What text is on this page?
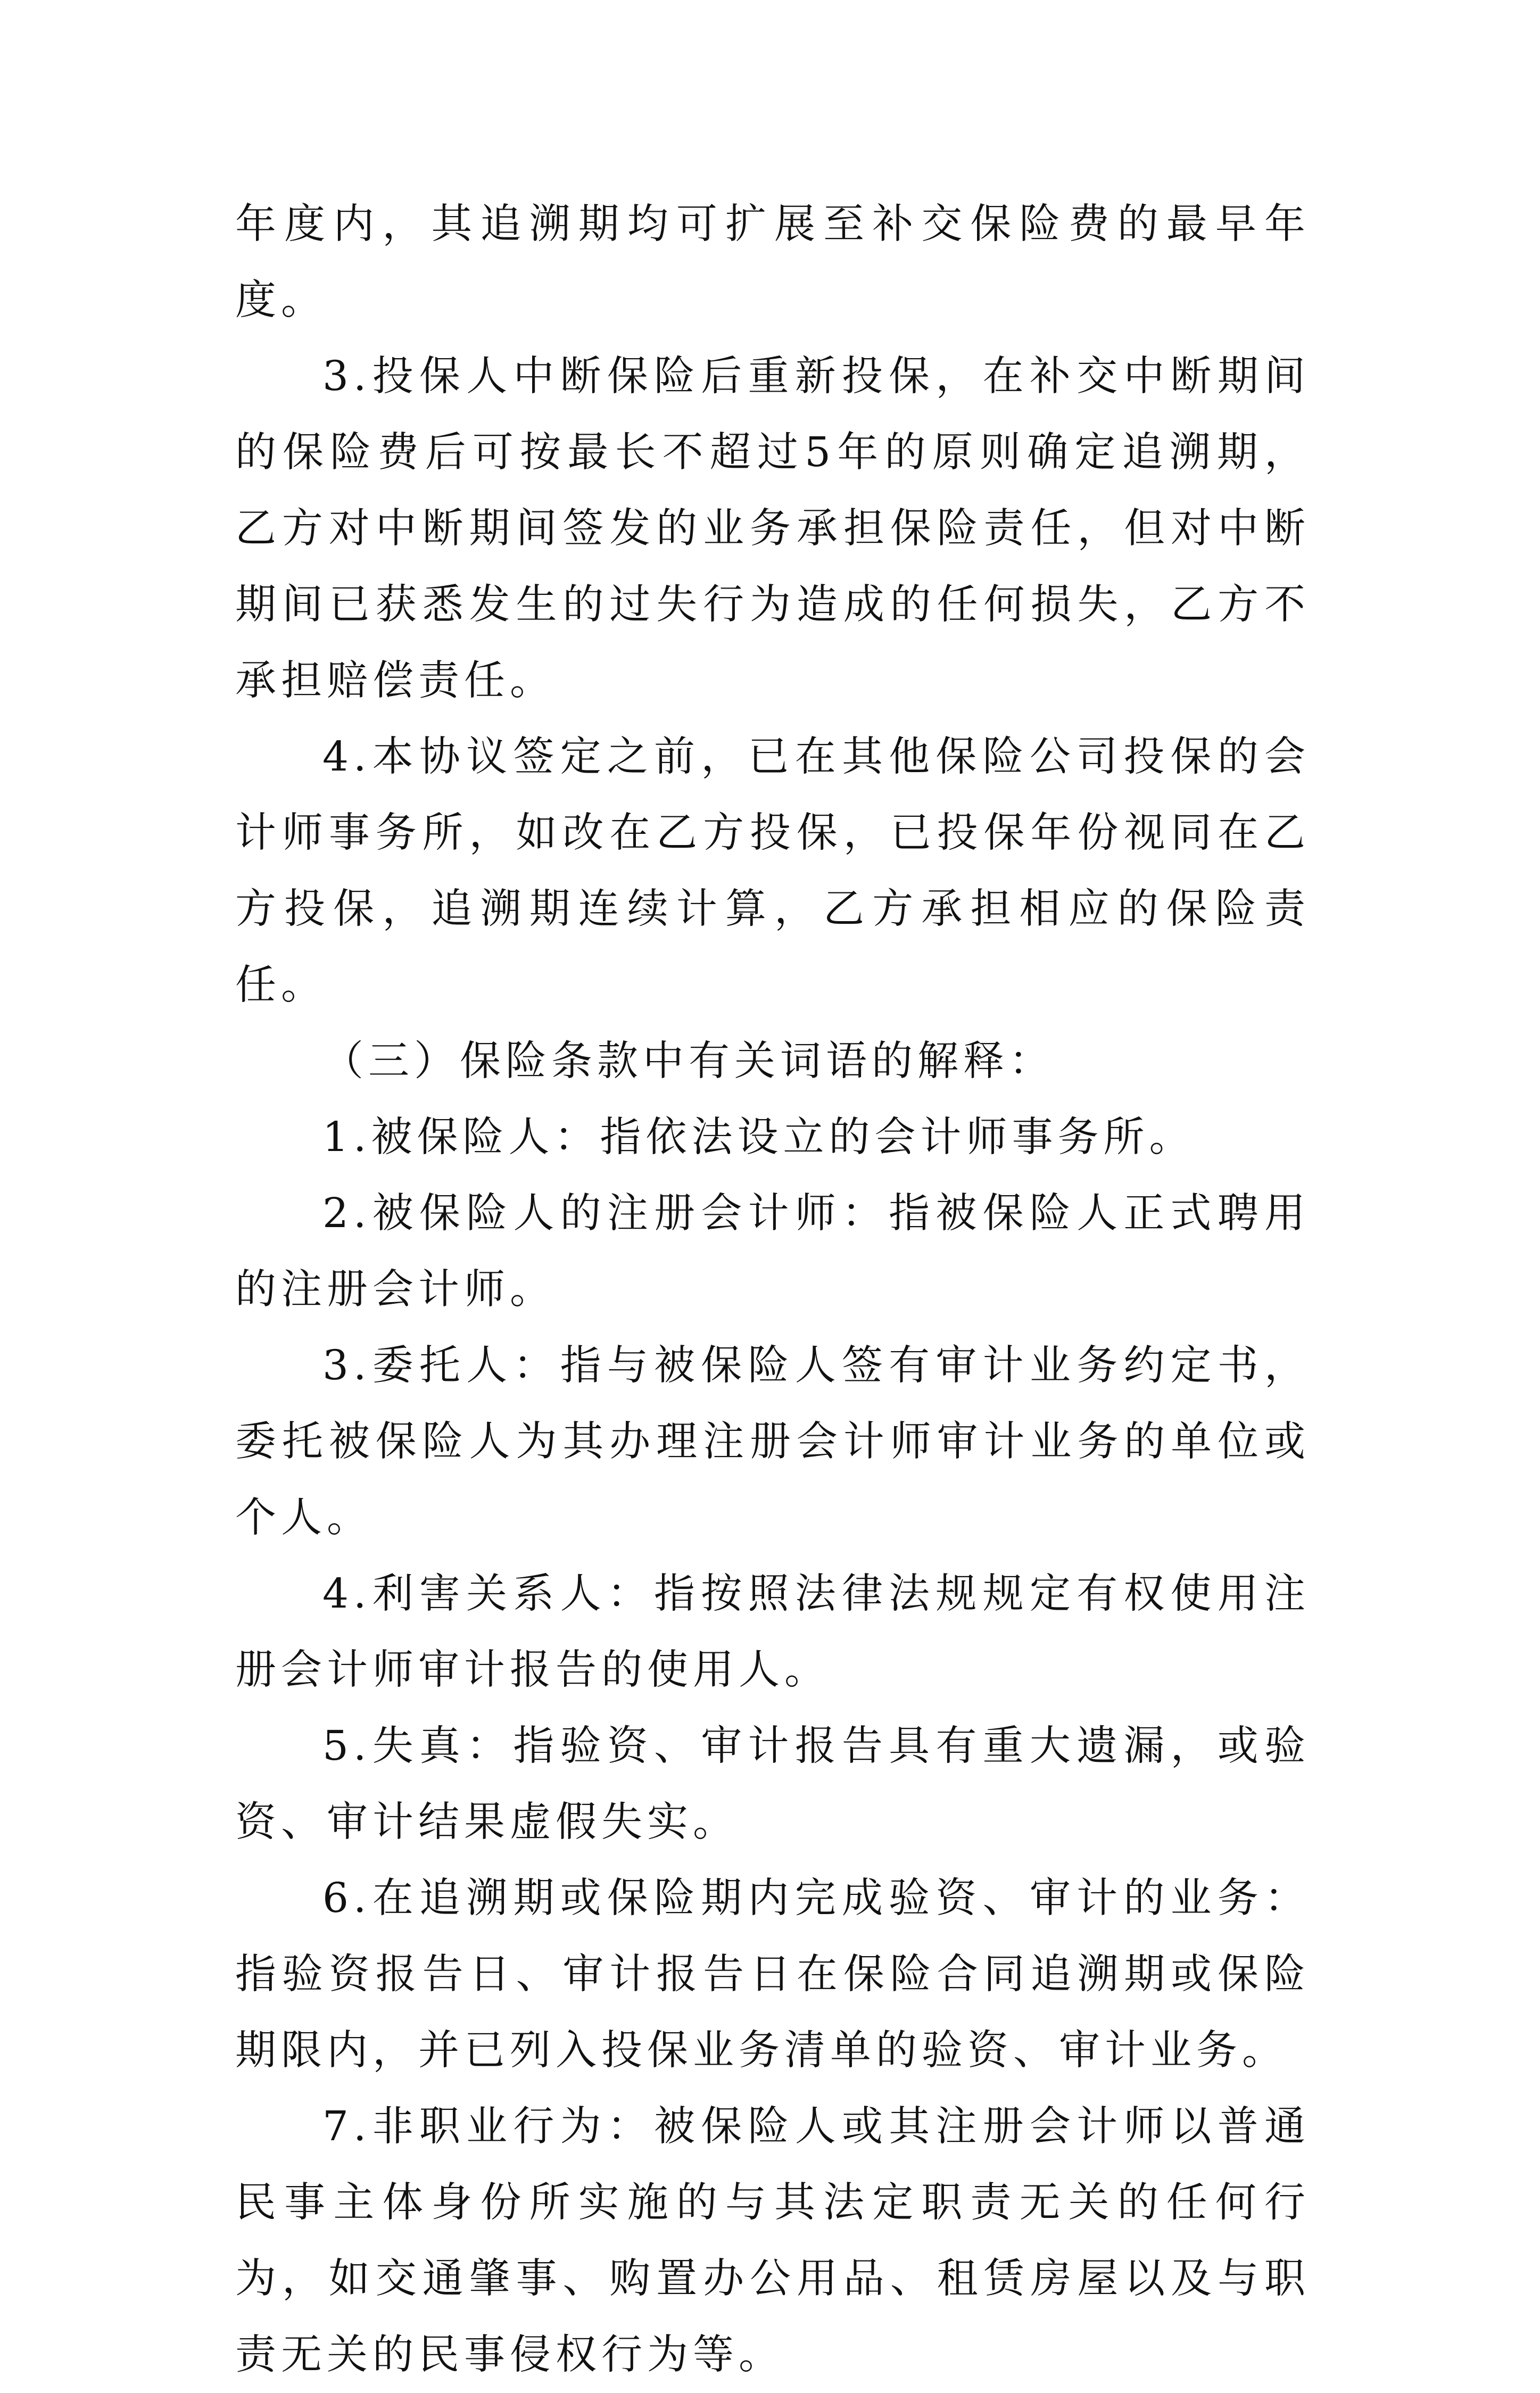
年度内，其追溯期均可扩展至补交保险费的最早年度。

3.投保人中断保险后重新投保，在补交中断期间的保险费后可按最长不超过5年的原则确定追溯期，乙方对中断期间签发的业务承担保险责任，但对中断期间已获悉发生的过失行为造成的任何损失，乙方不承担赔偿责任。

4.本协议签定之前，已在其他保险公司投保的会计师事务所，如改在乙方投保，已投保年份视同在乙方投保，追溯期连续计算，乙方承担相应的保险责任。

（三）保险条款中有关词语的解释：

1.被保险人：指依法设立的会计师事务所。

2.被保险人的注册会计师：指被保险人正式聘用的注册会计师。

3.委托人：指与被保险人签有审计业务约定书，委托被保险人为其办理注册会计师审计业务的单位或个人。

4.利害关系人：指按照法律法规规定有权使用注册会计师审计报告的使用人。

5.失真：指验资、审计报告具有重大遗漏，或验资、审计结果虚假失实。

6.在追溯期或保险期内完成验资、审计的业务：指验资报告日、审计报告日在保险合同追溯期或保险期限内，并已列入投保业务清单的验资、审计业务。

7.非职业行为：被保险人或其注册会计师以普通民事主体身份所实施的与其法定职责无关的任何行为，如交通肇事、购置办公用品、租赁房屋以及与职责无关的民事侵权行为等。
